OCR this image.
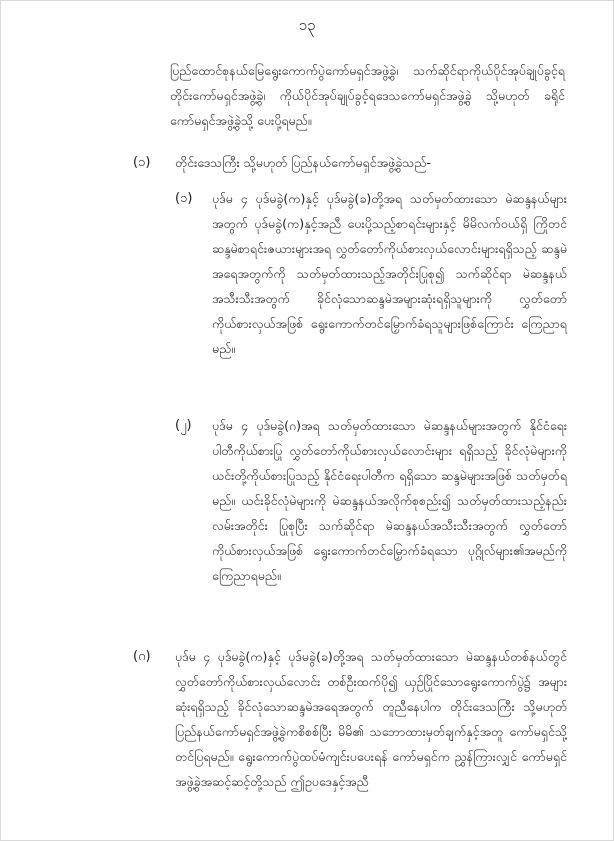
၁၃

ပြည်ထောင်စုနယ်မြေရွေးကောက်ပွဲကော်မရှင်အဖွဲ့ခွဲ၊ သက်ဆိုင်ရာကိုယ်ပိုင်အုပ်ချုပ်ခွင့်ရတိုင်းကော်မရှင်အဖွဲ့ခွဲ၊ ကိုယ်ပိုင်အုပ်ချုပ်ခွင့်ရဒေသကော်မရှင်အဖွဲ့ခွဲ သို့မဟုတ် ခရိုင်ကော်မရှင်အဖွဲ့ခွဲသို့ ပေးပို့ရမည်။

(၁) တိုင်းဒေသကြီး သို့မဟုတ် ပြည်နယ်ကော်မရှင်အဖွဲ့ခွဲသည်-
(၁) ပုဒ်မ ၄ ပုဒ်မခွဲ(က)နှင့် ပုဒ်မခွဲ(ခ)တို့အရ သတ်မှတ်ထားသော မဲဆန္ဒနယ်များအတွက် ပုဒ်မခွဲ(က)နှင့်အညီ ပေးပို့သည့်စာရင်းများနှင့် မိမိလက်ဝယ်ရှိ ကြိုတင်ဆန္ဒမဲစာရင်းဇယားများအရ လွှတ်တော်ကိုယ်စားလှယ်လောင်းများရရှိသည့် ဆန္ဒမဲအရေအတွက်ကို သတ်မှတ်ထားသည့်အတိုင်းပြုစု၍ သက်ဆိုင်ရာ မဲဆန္ဒနယ်အသီးသီးအတွက် ခိုင်လုံသောဆန္ဒမဲအများဆုံးရရှိသူများကို လွှတ်တော်ကိုယ်စားလှယ်အဖြစ် ရွေးကောက်တင်မြှောက်ခံရသူများဖြစ်ကြောင်း ကြေညာရမည်။

(၂) ပုဒ်မ ၄ ပုဒ်မခွဲ(ဂ)အရ သတ်မှတ်ထားသော မဲဆန္ဒနယ်များအတွက် နိုင်ငံရေးပါတီကိုယ်စားပြု လွှတ်တော်ကိုယ်စားလှယ်လောင်းများ ရရှိသည့် ခိုင်လုံမဲများကို ယင်းတို့ကိုယ်စားပြုသည့် နိုင်ငံရေးပါတီက ရရှိသော ဆန္ဒမဲများအဖြစ် သတ်မှတ်ရမည်။ ယင်းခိုင်လုံမဲများကို မဲဆန္ဒနယ်အလိုက်စုစည်း၍ သတ်မှတ်ထားသည့်နည်းလမ်းအတိုင်း ပြုစုပြီး သက်ဆိုင်ရာ မဲဆန္ဒနယ်အသီးသီးအတွက် လွှတ်တော်ကိုယ်စားလှယ်အဖြစ် ရွေးကောက်တင်မြှောက်ခံရသော ပုဂ္ဂိုလ်များ၏အမည်ကို ကြေညာရမည်။

(ဂ) ပုဒ်မ ၄ ပုဒ်မခွဲ(က)နှင့် ပုဒ်မခွဲ(ခ)တို့အရ သတ်မှတ်ထားသော မဲဆန္ဒနယ်တစ်နယ်တွင် လွှတ်တော်ကိုယ်စားလှယ်လောင်း တစ်ဦးထက်ပို၍ ယှဉ်ပြိုင်သောရွေးကောက်ပွဲ၌ အများဆုံးရရှိသည့် ခိုင်လုံသောဆန္ဒမဲအရေအတွက် တူညီနေပါက တိုင်းဒေသကြီး သို့မဟုတ် ပြည်နယ်ကော်မရှင်အဖွဲ့ခွဲကစိစစ်ပြီး မိမိ၏ သဘောထားမှတ်ချက်နှင့်အတူ ကော်မရှင်သို့ တင်ပြရမည်။ ရွေးကောက်ပွဲထပ်မံကျင်းပပေးရန် ကော်မရှင်က ညွှန်ကြားလျှင် ကော်မရှင်အဖွဲ့ခွဲအဆင့်ဆင့်တို့သည် ဤဥပဒေနှင့်အညီ
